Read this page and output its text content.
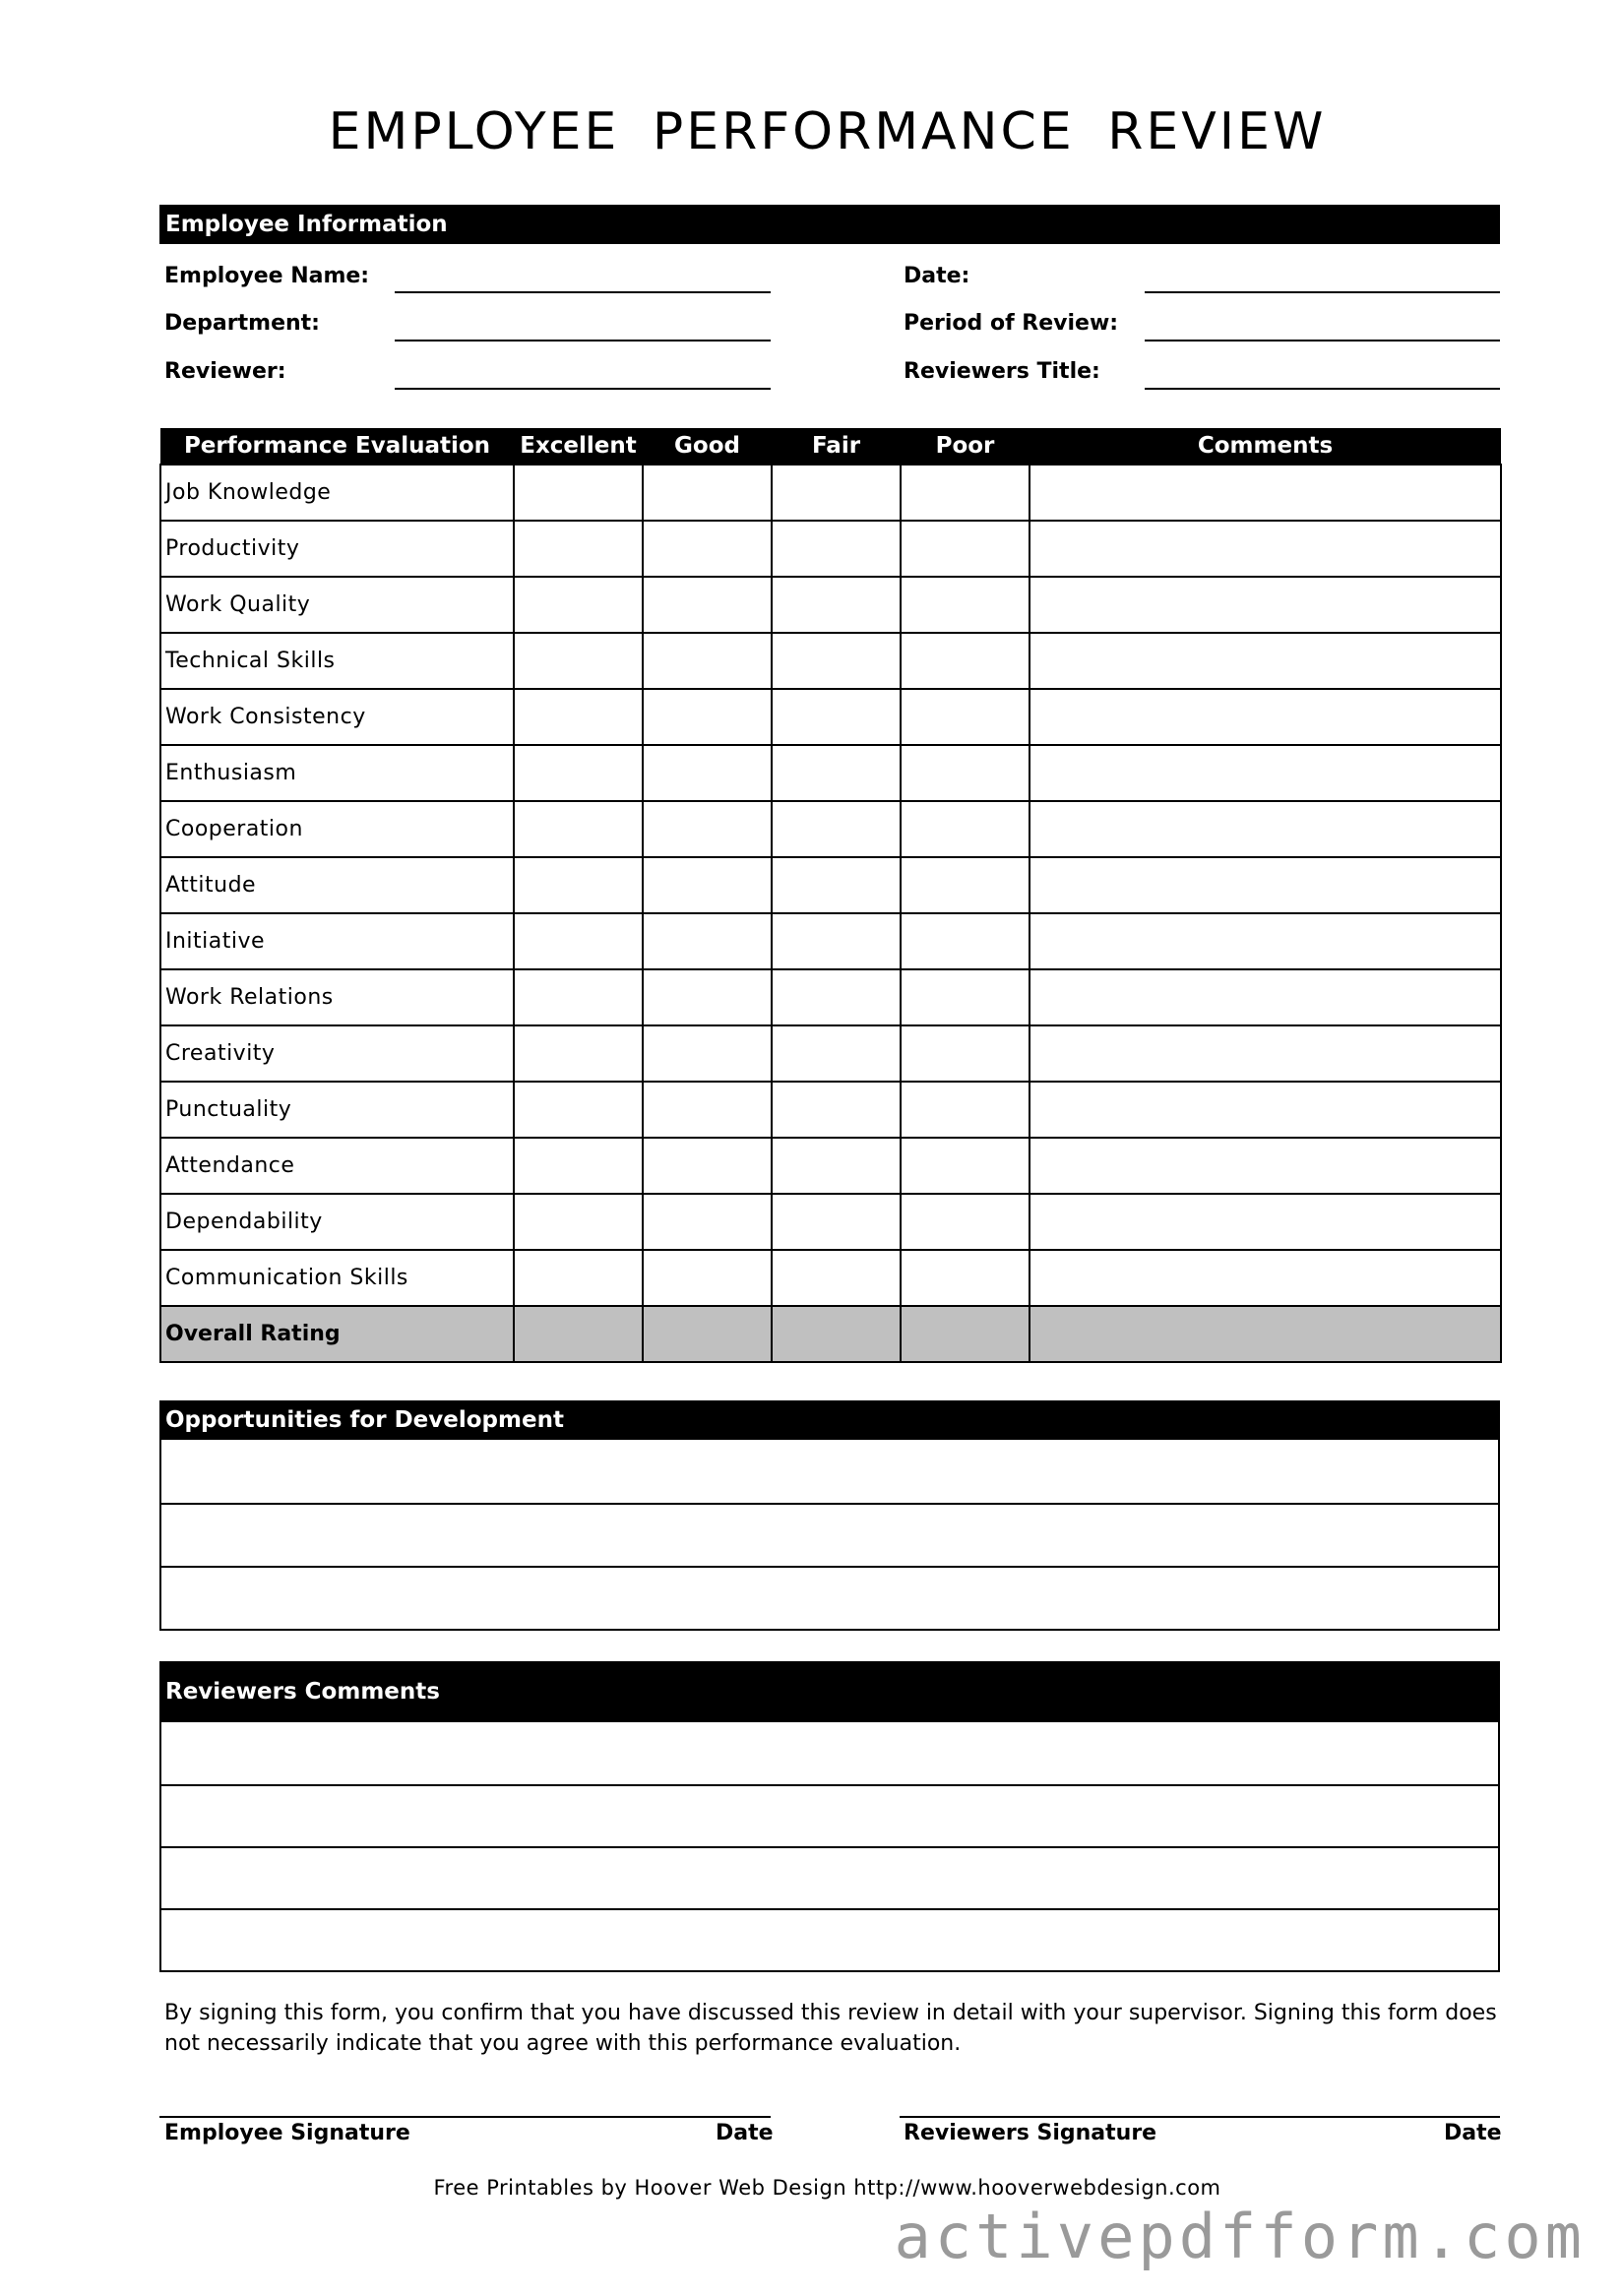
EMPLOYEE PERFORMANCE REVIEW
Employee Information
Employee Name:
Department:
Reviewer:
Date:
Period of Review:
Reviewers Title:
Performance Evaluation	Excellent	Good	Fair	Poor	Comments
Job Knowledge					
Productivity					
Work Quality					
Technical Skills					
Work Consistency					
Enthusiasm					
Cooperation					
Attitude					
Initiative					
Work Relations					
Creativity					
Punctuality					
Attendance					
Dependability					
Communication Skills					
Overall Rating					
Opportunities for Development
Reviewers Comments
By signing this form, you confirm that you have discussed this review in detail with your supervisor. Signing this form does not necessarily indicate that you agree with this performance evaluation.
Employee Signature	Date	Reviewers Signature	Date
Free Printables by Hoover Web Design http://www.hooverwebdesign.com
activepdfform.com
